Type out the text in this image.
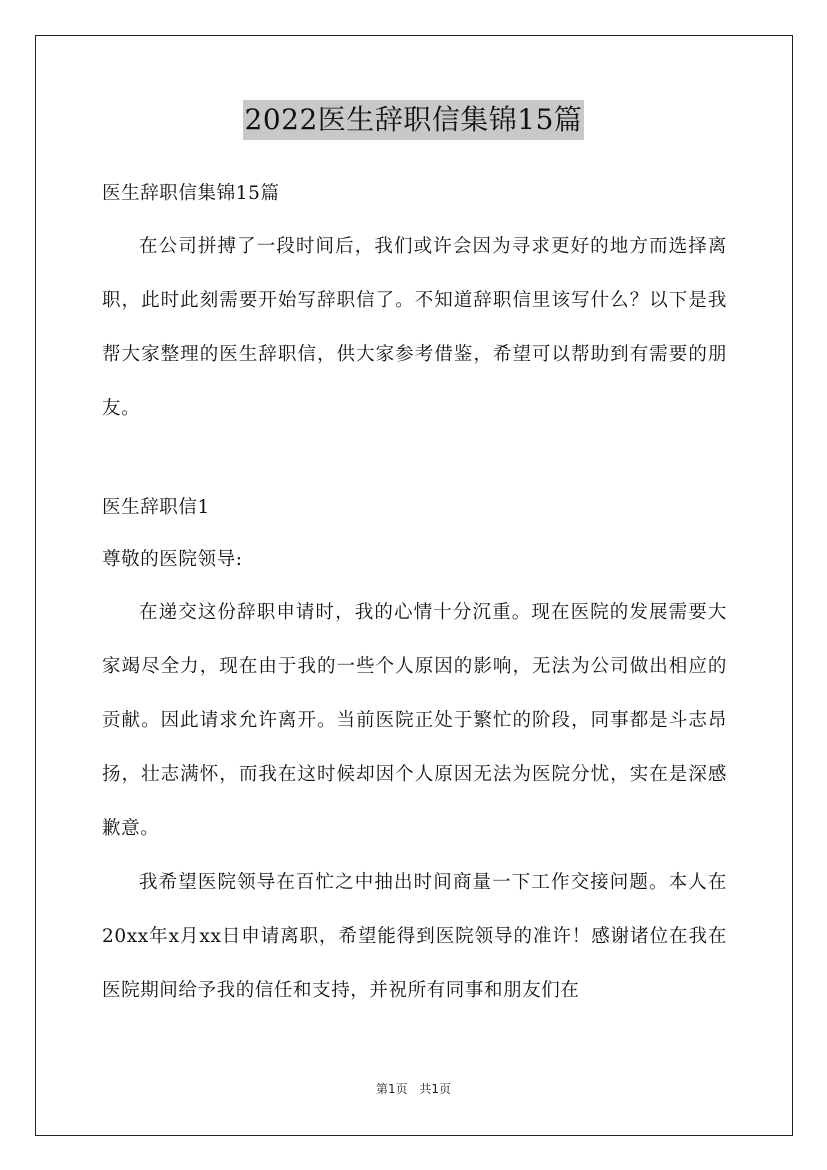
2022医生辞职信集锦15篇

医生辞职信集锦15篇

在公司拼搏了一段时间后，我们或许会因为寻求更好的地方而选择离职，此时此刻需要开始写辞职信了。不知道辞职信里该写什么？以下是我帮大家整理的医生辞职信，供大家参考借鉴，希望可以帮助到有需要的朋友。

医生辞职信1

尊敬的医院领导:

在递交这份辞职申请时，我的心情十分沉重。现在医院的发展需要大家竭尽全力，现在由于我的一些个人原因的影响，无法为公司做出相应的贡献。因此请求允许离开。当前医院正处于繁忙的阶段，同事都是斗志昂扬，壮志满怀，而我在这时候却因个人原因无法为医院分忧，实在是深感歉意。

我希望医院领导在百忙之中抽出时间商量一下工作交接问题。本人在20xx年x月xx日申请离职，希望能得到医院领导的准许！感谢诸位在我在医院期间给予我的信任和支持，并祝所有同事和朋友们在

第1页 共1页
